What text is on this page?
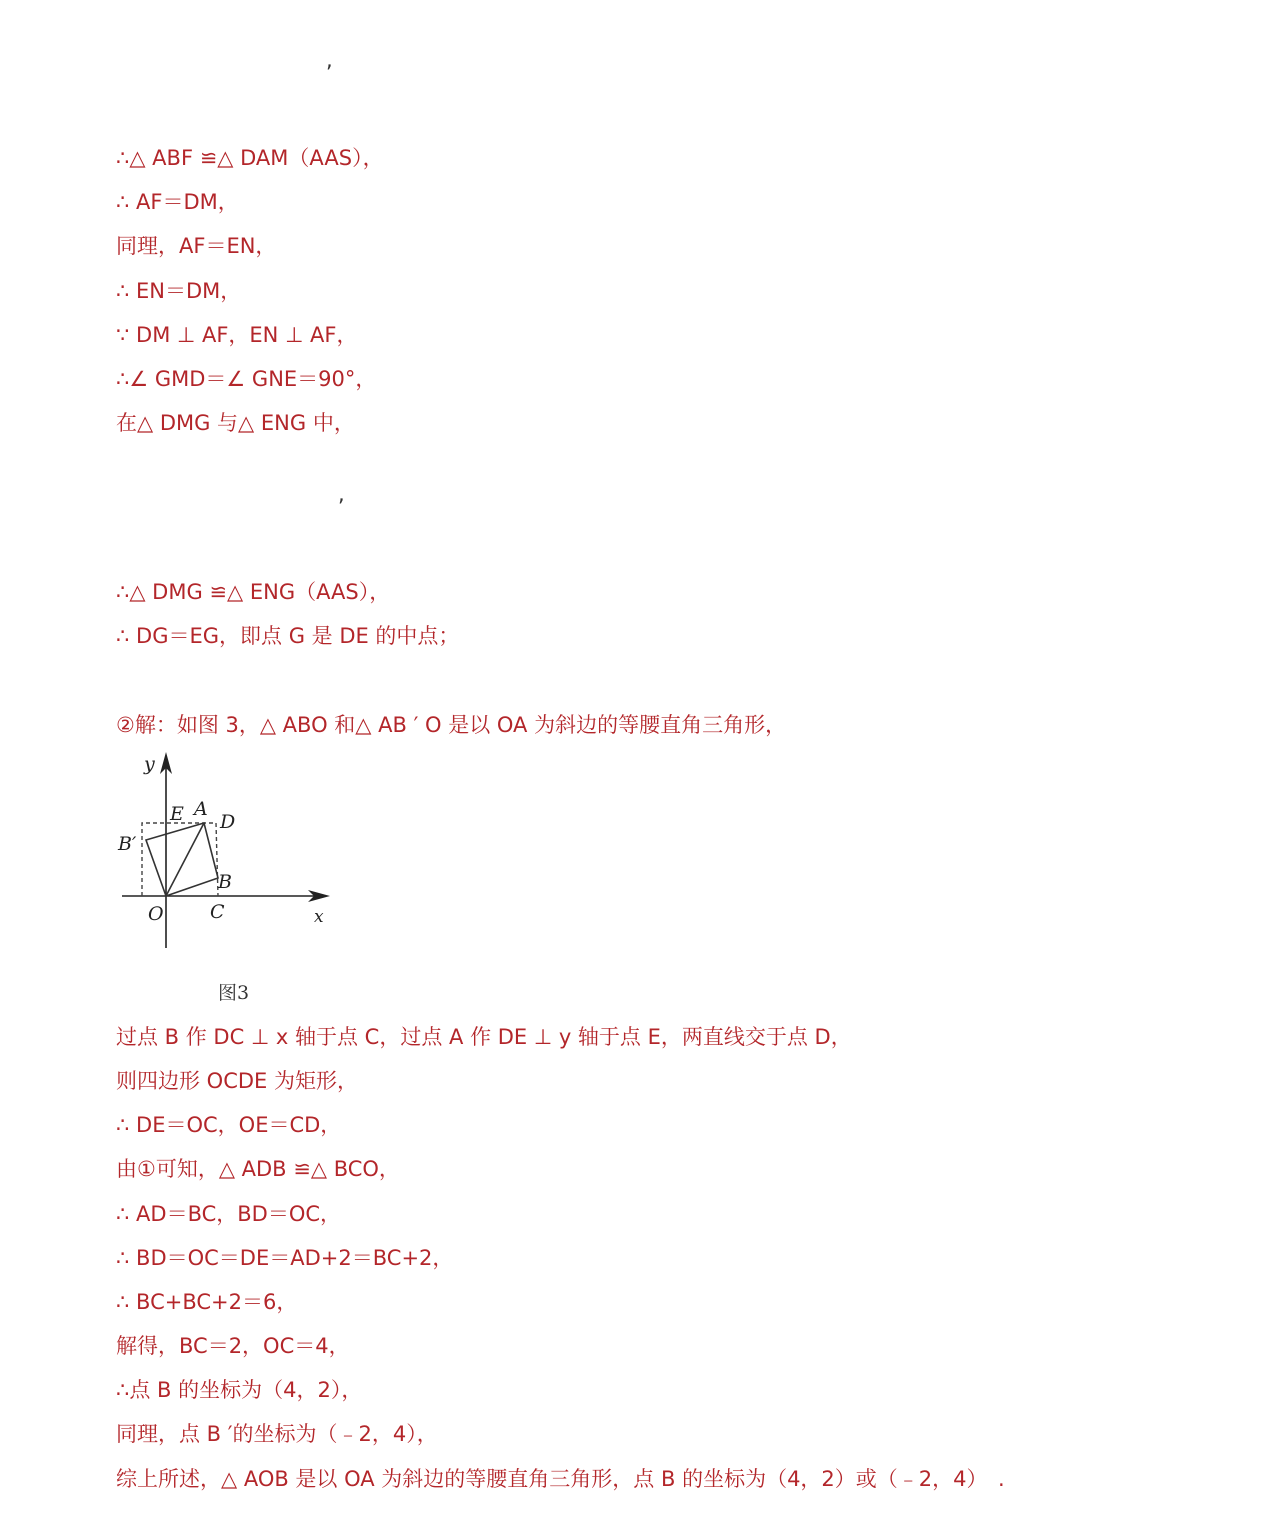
,
∴△ ABF ≌△ DAM（AAS），
∴ AF＝DM，
同理，AF＝EN，
∴ EN＝DM，
∵ DM ⊥ AF，EN ⊥ AF，
∴∠ GMD＝∠ GNE＝90°，
在△ DMG 与△ ENG 中，
,
∴△ DMG ≌△ ENG（AAS），
∴ DG＝EG，即点 G 是 DE 的中点；
②解：如图 3，△ ABO 和△ AB ′ O 是以 OA 为斜边的等腰直角三角形，
y
x
O C
B
B′
E A
D
图3
过点 B 作 DC ⊥ x 轴于点 C，过点 A 作 DE ⊥ y 轴于点 E，两直线交于点 D，
则四边形 OCDE 为矩形，
∴ DE＝OC，OE＝CD，
由①可知，△ ADB ≌△ BCO，
∴ AD＝BC，BD＝OC，
∴ BD＝OC＝DE＝AD+2＝BC+2，
∴ BC+BC+2＝6，
解得，BC＝2，OC＝4，
∴点 B 的坐标为（4，2），
同理，点 B ′的坐标为（﹣2，4），
综上所述，△ AOB 是以 OA 为斜边的等腰直角三角形，点 B 的坐标为（4，2）或（﹣2，4）　.
